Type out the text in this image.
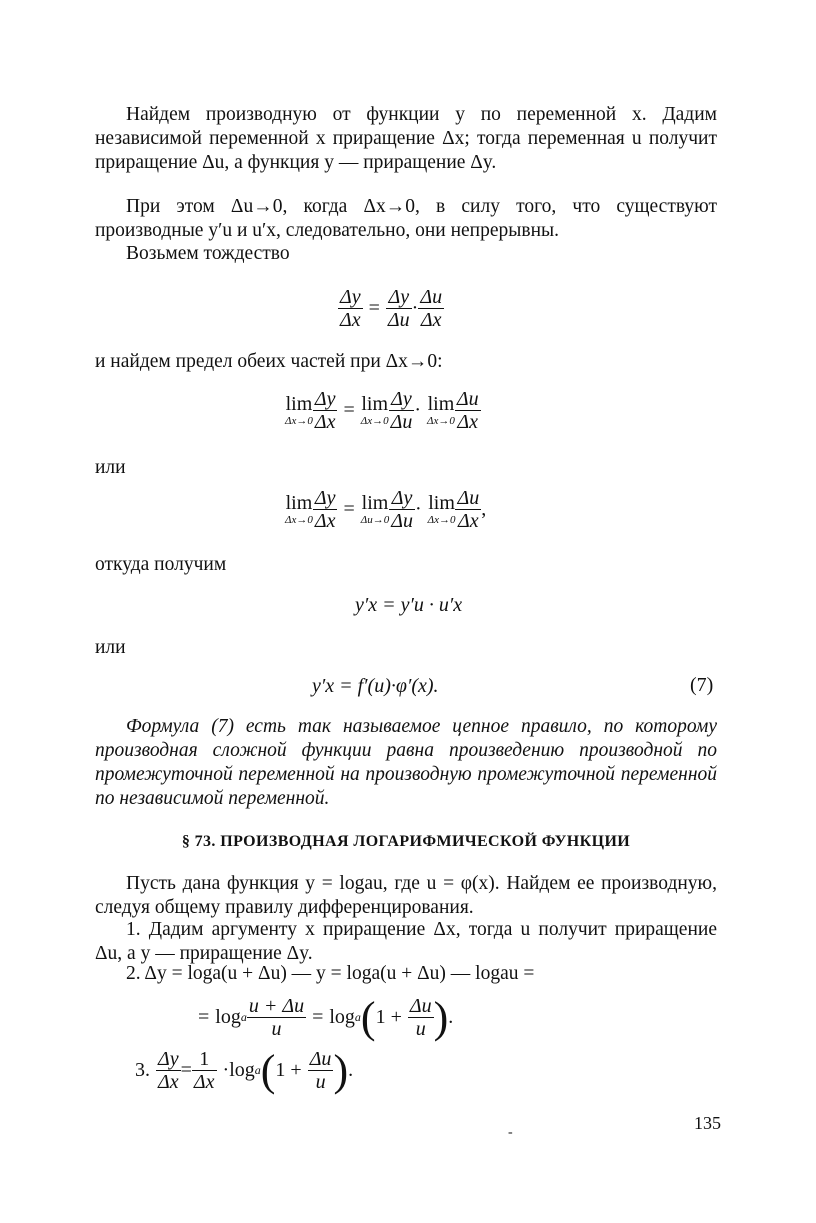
Найдем производную от функции y по переменной x. Дадим независимой переменной x приращение Δx; тогда переменная u получит приращение Δu, а функция y — приращение Δy.

При этом Δu→0, когда Δx→0, в силу того, что существуют производные y′u и u′x, следовательно, они непрерывны.

Возьмем тождество

$\frac{\Delta y}{\Delta x} = \frac{\Delta y}{\Delta u} \cdot \frac{\Delta u}{\Delta x}$

и найдем предел обеих частей при Δx→0:

lim
$\Delta x\to 0 \frac{\Delta y}{\Delta x} = \lim$
$\Delta x\to 0 \frac{\Delta y}{\Delta u} \cdot \lim$
$\Delta x\to 0 \frac{\Delta u}{\Delta x}$

или

lim
$\Delta x\to 0 \frac{\Delta y}{\Delta x} = \lim$
$\Delta u\to 0 \frac{\Delta y}{\Delta u} \cdot \lim$
$\Delta x\to 0 \frac{\Delta u}{\Delta x}$ ,

откуда получим

y′x = y′u · u′x

или

y′x = f′(u)·φ′(x).	(7)

Формула (7) есть так называемое цепное правило, по которому производная сложной функции равна произведению производной по промежуточной переменной на производную промежуточной переменной по независимой переменной.

§ 73. ПРОИЗВОДНАЯ ЛОГАРИФМИЧЕСКОЙ ФУНКЦИИ

Пусть дана функция y = logau, где u = φ(x). Найдем ее производную, следуя общему правилу дифференцирования.

1. Дадим аргументу x приращение Δx, тогда u получит приращение Δu, а y — приращение Δy.

2. Δy = loga(u + Δu) — y = loga(u + Δu) — logau =

= log a $\frac{u + \Delta u}{u} = \log a$ ( $1 + \frac{\Delta u}{u}$ ) .
3. $\frac{\Delta y}{\Delta x} = \frac{1}{\Delta x} \cdot\log$ a ( $1 + \frac{\Delta u}{u}$ ) .
135
-
